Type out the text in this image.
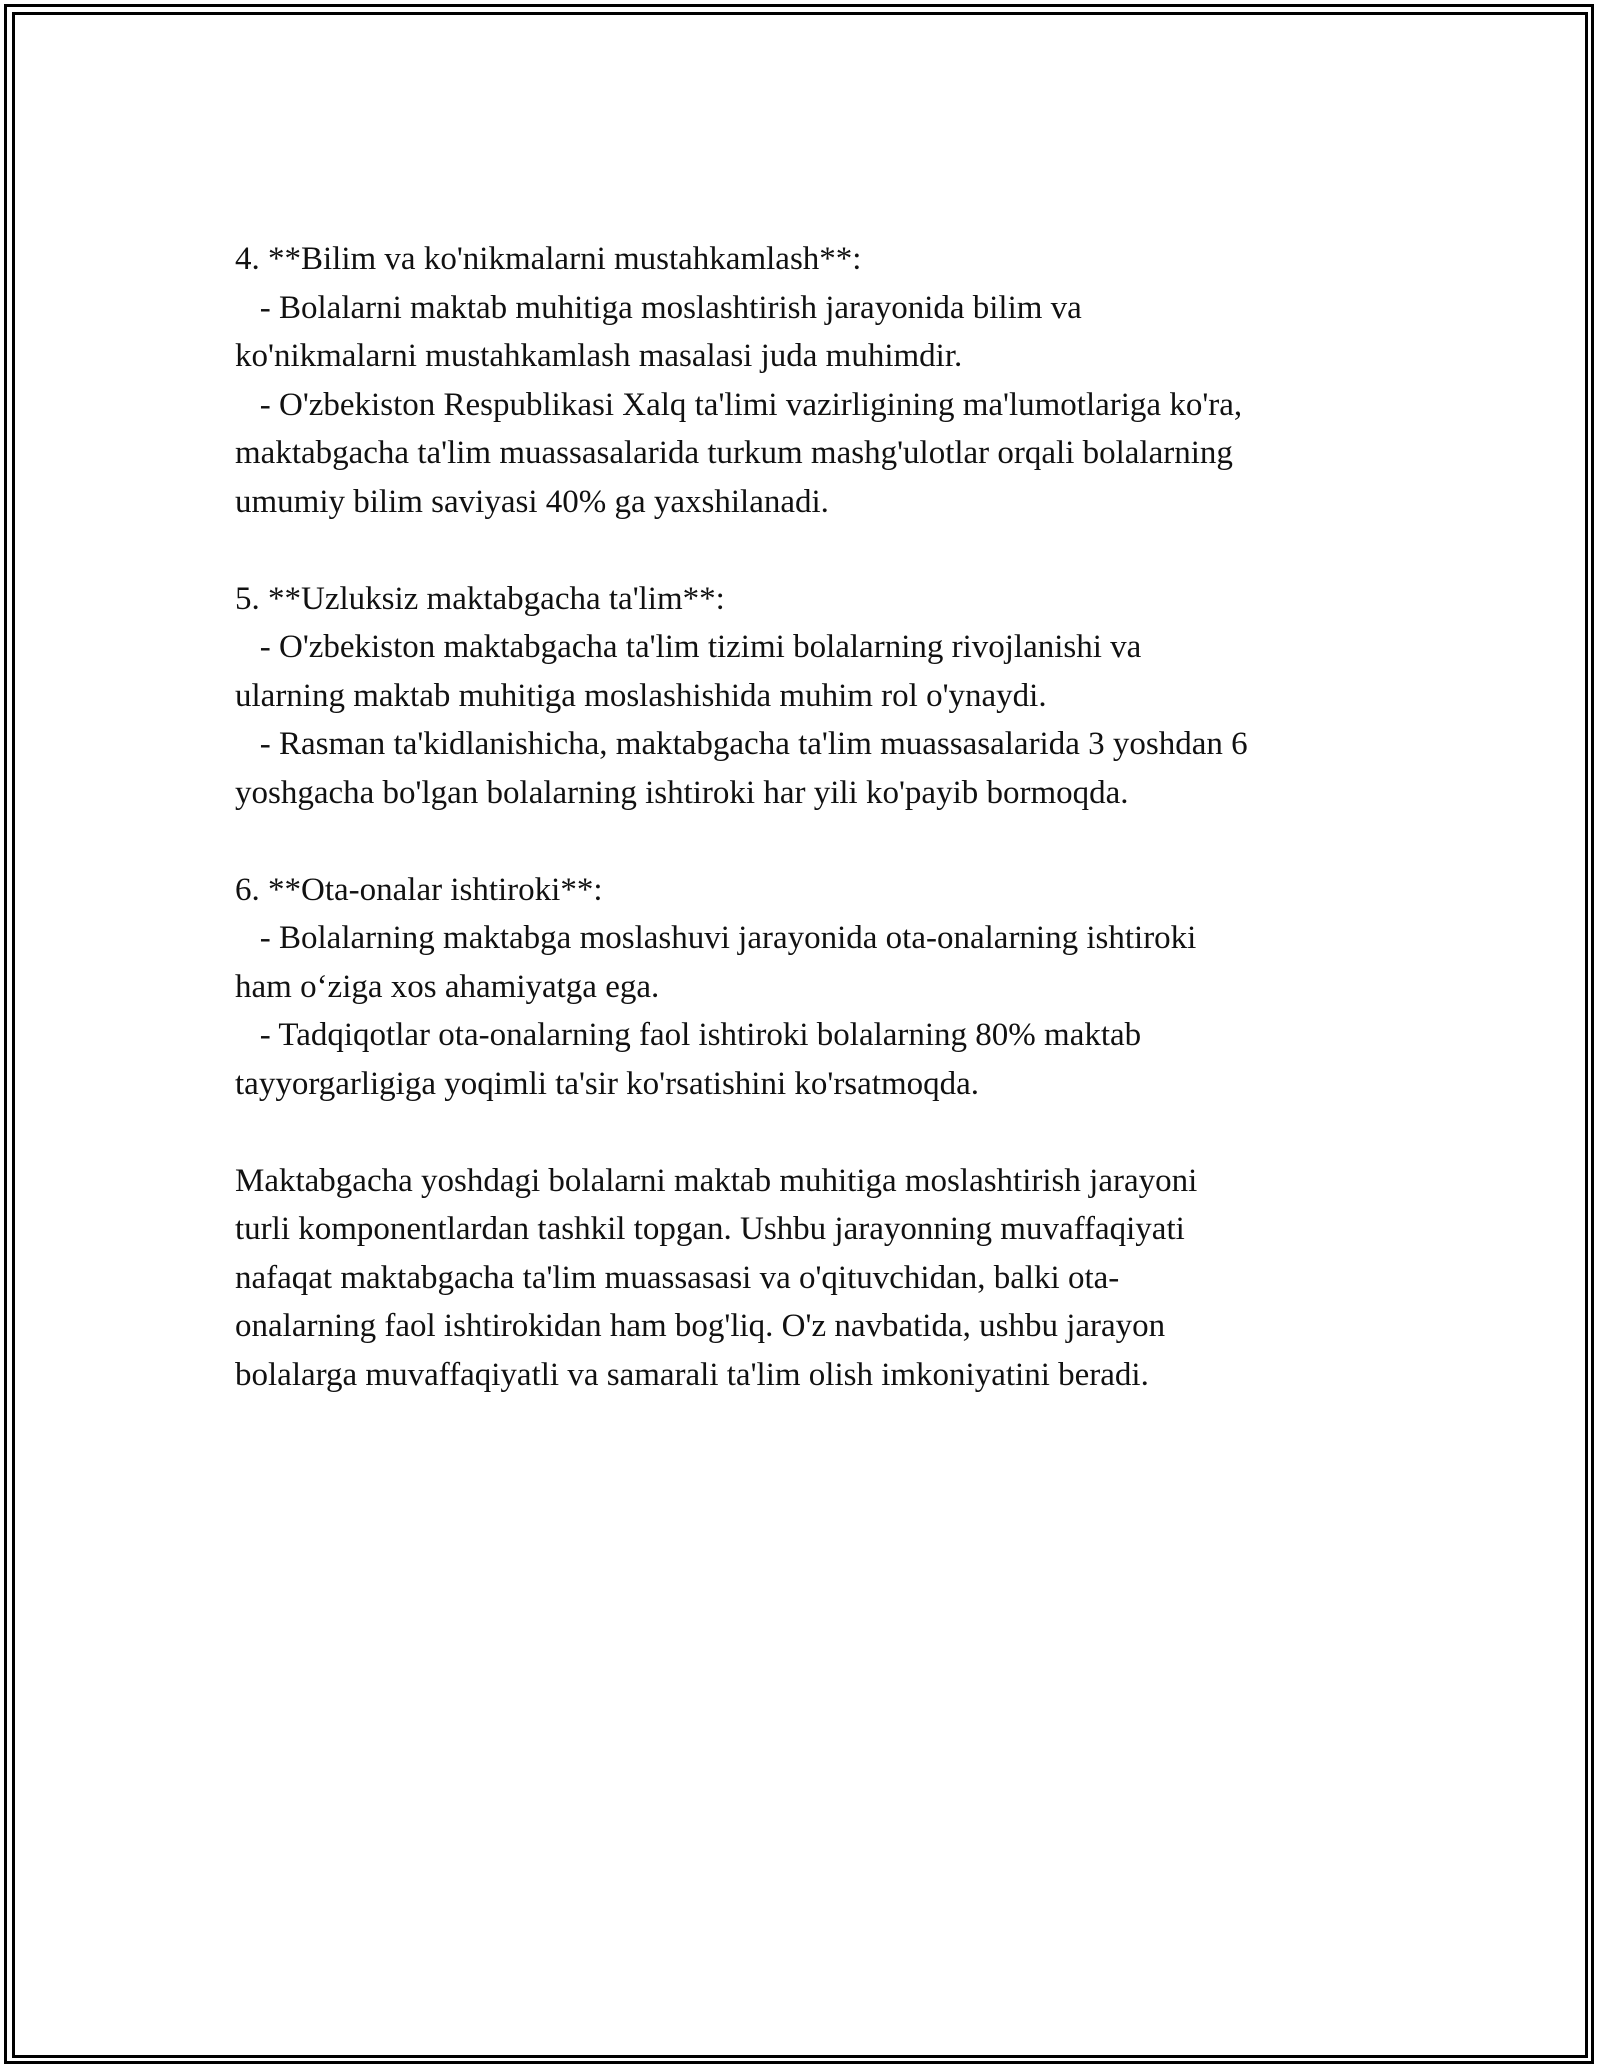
4. **Bilim va ko'nikmalarni mustahkamlash**:

- Bolalarni maktab muhitiga moslashtirish jarayonida bilim va

ko'nikmalarni mustahkamlash masalasi juda muhimdir.

- O'zbekiston Respublikasi Xalq ta'limi vazirligining ma'lumotlariga ko'ra,

maktabgacha ta'lim muassasalarida turkum mashg'ulotlar orqali bolalarning

umumiy bilim saviyasi 40% ga yaxshilanadi.

5. **Uzluksiz maktabgacha ta'lim**:

- O'zbekiston maktabgacha ta'lim tizimi bolalarning rivojlanishi va

ularning maktab muhitiga moslashishida muhim rol o'ynaydi.

- Rasman ta'kidlanishicha, maktabgacha ta'lim muassasalarida 3 yoshdan 6

yoshgacha bo'lgan bolalarning ishtiroki har yili ko'payib bormoqda.

6. **Ota-onalar ishtiroki**:

- Bolalarning maktabga moslashuvi jarayonida ota-onalarning ishtiroki

ham o‘ziga xos ahamiyatga ega.

- Tadqiqotlar ota-onalarning faol ishtiroki bolalarning 80% maktab

tayyorgarligiga yoqimli ta'sir ko'rsatishini ko'rsatmoqda.

Maktabgacha yoshdagi bolalarni maktab muhitiga moslashtirish jarayoni

turli komponentlardan tashkil topgan. Ushbu jarayonning muvaffaqiyati

nafaqat maktabgacha ta'lim muassasasi va o'qituvchidan, balki ota-

onalarning faol ishtirokidan ham bog'liq. O'z navbatida, ushbu jarayon

bolalarga muvaffaqiyatli va samarali ta'lim olish imkoniyatini beradi.
